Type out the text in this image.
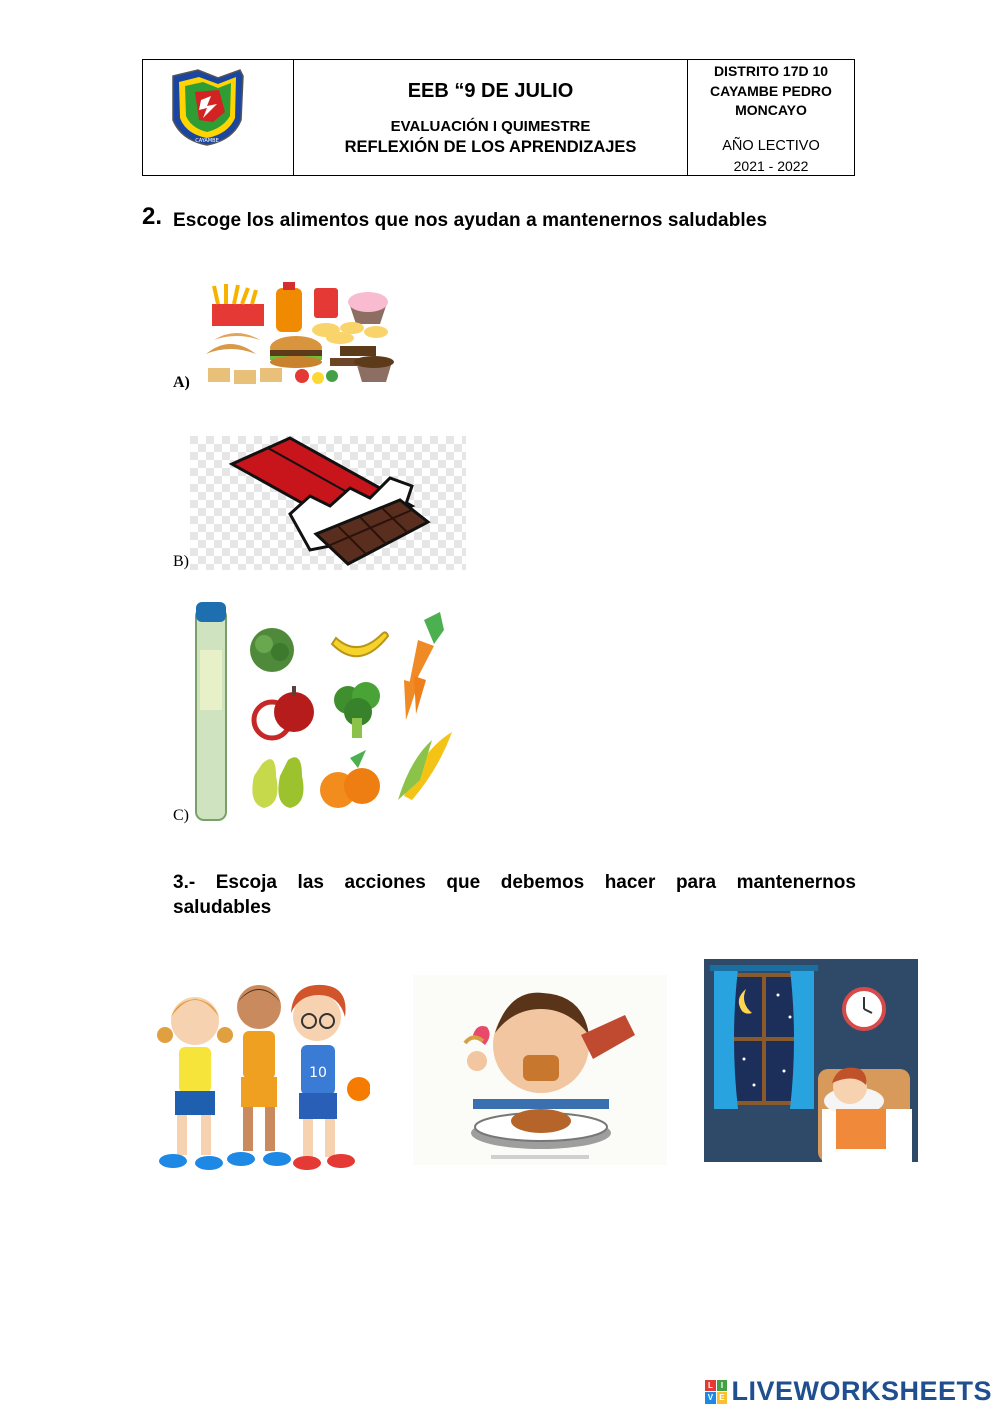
CAYAMBE
EEB “9 DE JULIO
EVALUACIÓN I QUIMESTRE
REFLEXIÓN DE LOS APRENDIZAJES
DISTRITO 17D 10
CAYAMBE PEDRO
MONCAYO
AÑO LECTIVO
2021 - 2022
2. Escoge los alimentos que nos ayudan a mantenernos saludables
A)
B)
C)
3.- Escoja las acciones que debemos hacer para mantenernos
saludables
10
L I
V E LIVEWORKSHEETS
